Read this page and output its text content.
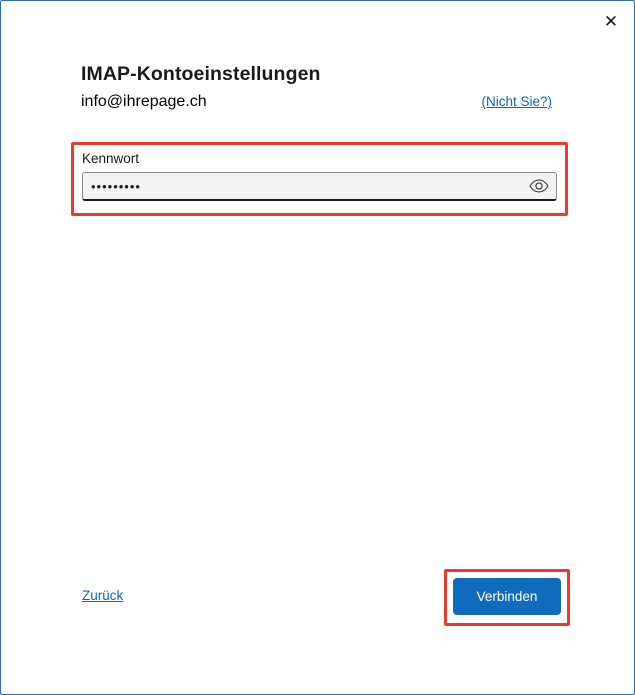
✕
IMAP-Kontoeinstellungen
info@ihrepage.ch	(Nicht Sie?)
Kennwort
•••••••••
Zurück	Verbinden
